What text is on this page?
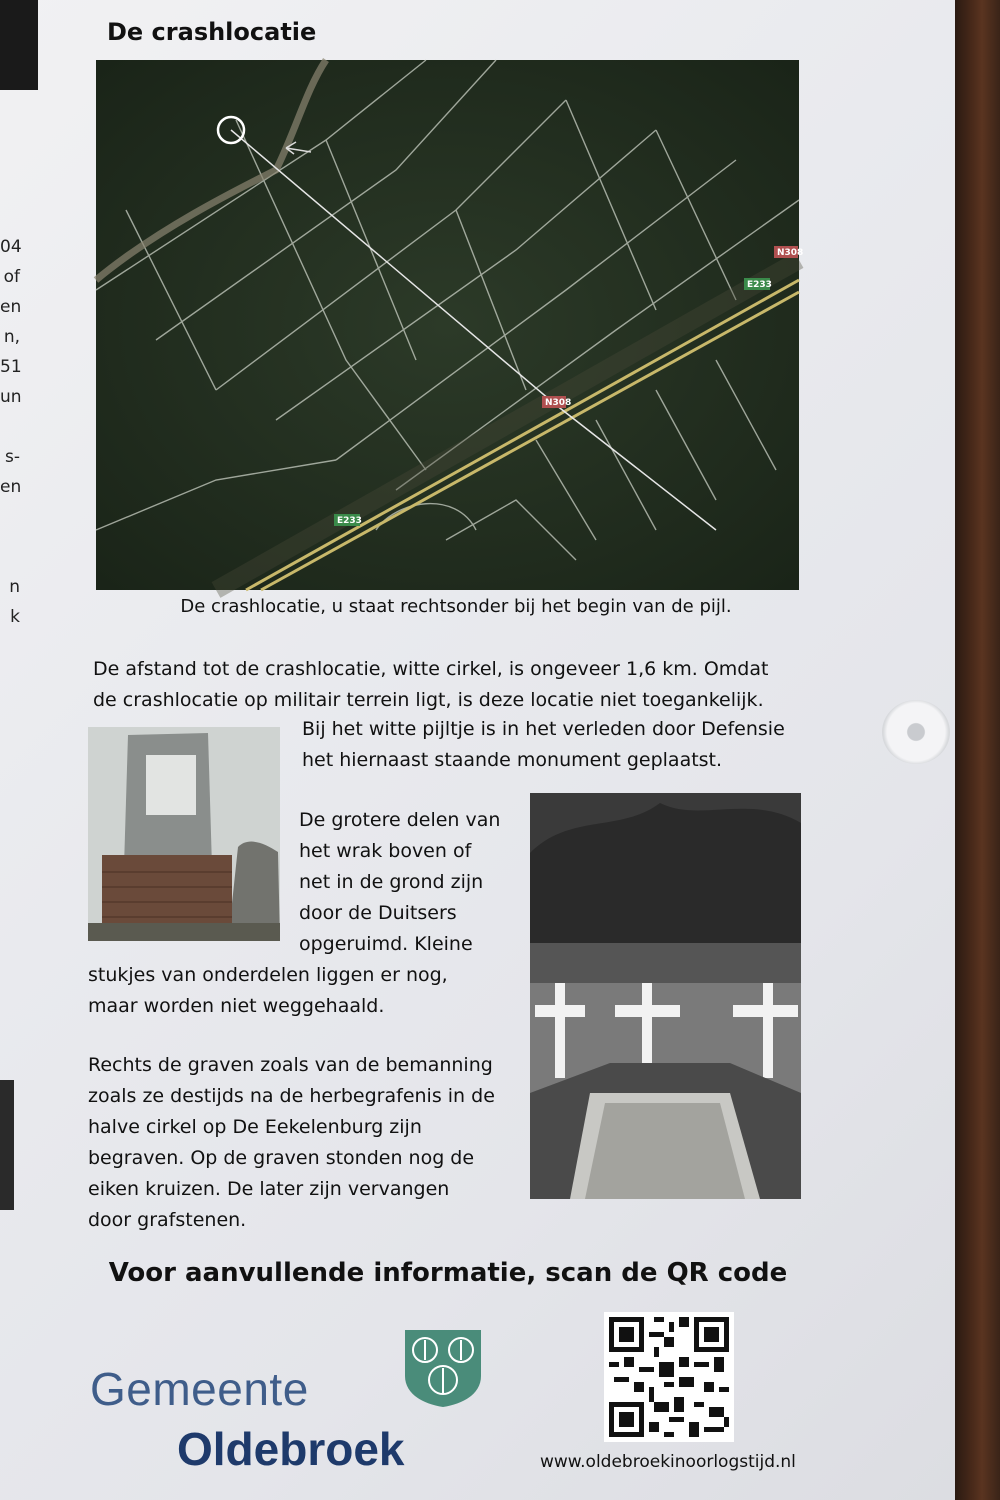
04
of
en
n,
51
un
s-
en
n
k
De crashlocatie
N308
E233
N308
E233
De crashlocatie, u staat rechtsonder bij het begin van de pijl.
De afstand tot de crashlocatie, witte cirkel, is ongeveer 1,6 km. Omdat
de crashlocatie op militair terrein ligt, is deze locatie niet toegankelijk.
Bij het witte pijltje is in het verleden door Defensie
het hiernaast staande monument geplaatst.
De grotere delen van
het wrak boven of
net in de grond zijn
door de Duitsers
opgeruimd. Kleine
stukjes van onderdelen liggen er nog,
maar worden niet weggehaald.
Rechts de graven zoals van de bemanning
zoals ze destijds na de herbegrafenis in de
halve cirkel op De Eekelenburg zijn
begraven. Op de graven stonden nog de
eiken kruizen. De later zijn vervangen
door grafstenen.
Voor aanvullende informatie, scan de QR code
Gemeente
Oldebroek	www.oldebroekinoorlogstijd.nl
